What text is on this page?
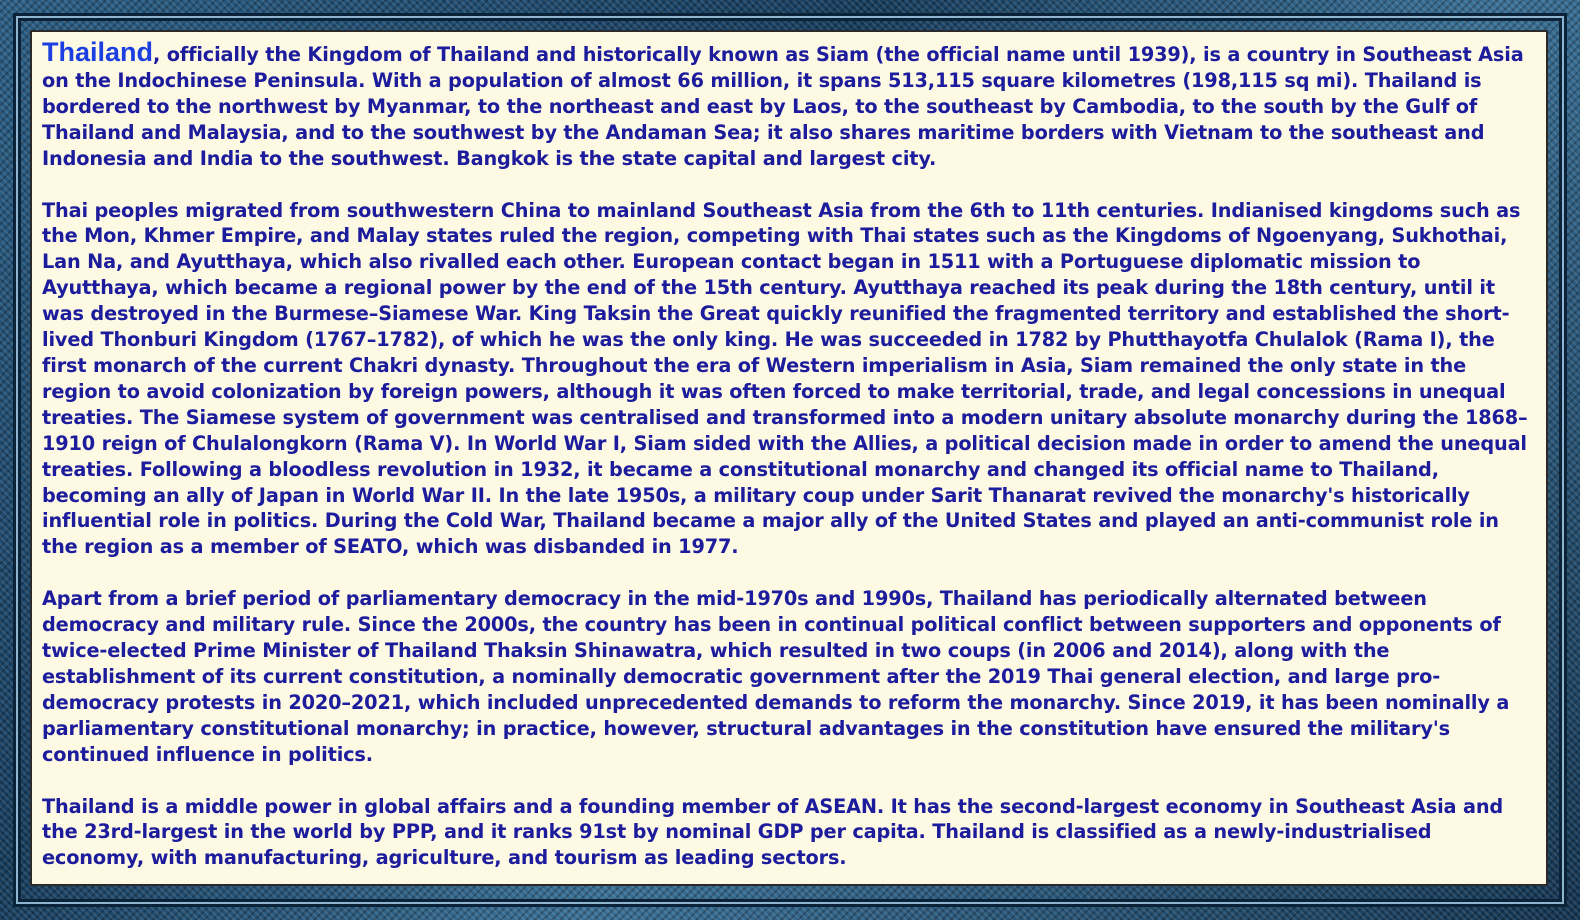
Thailand, officially the Kingdom of Thailand and historically known as Siam (the official name until 1939), is a country in Southeast Asia on the Indochinese Peninsula. With a population of almost 66 million, it spans 513,115 square kilometres (198,115 sq mi). Thailand is bordered to the northwest by Myanmar, to the northeast and east by Laos, to the southeast by Cambodia, to the south by the Gulf of Thailand and Malaysia, and to the southwest by the Andaman Sea; it also shares maritime borders with Vietnam to the southeast and Indonesia and India to the southwest. Bangkok is the state capital and largest city.

Thai peoples migrated from southwestern China to mainland Southeast Asia from the 6th to 11th centuries. Indianised kingdoms such as the Mon, Khmer Empire, and Malay states ruled the region, competing with Thai states such as the Kingdoms of Ngoenyang, Sukhothai, Lan Na, and Ayutthaya, which also rivalled each other. European contact began in 1511 with a Portuguese diplomatic mission to Ayutthaya, which became a regional power by the end of the 15th century. Ayutthaya reached its peak during the 18th century, until it was destroyed in the Burmese–Siamese War. King Taksin the Great quickly reunified the fragmented territory and established the short-lived Thonburi Kingdom (1767–1782), of which he was the only king. He was succeeded in 1782 by Phutthayotfa Chulalok (Rama I), the first monarch of the current Chakri dynasty. Throughout the era of Western imperialism in Asia, Siam remained the only state in the region to avoid colonization by foreign powers, although it was often forced to make territorial, trade, and legal concessions in unequal treaties. The Siamese system of government was centralised and transformed into a modern unitary absolute monarchy during the 1868–1910 reign of Chulalongkorn (Rama V). In World War I, Siam sided with the Allies, a political decision made in order to amend the unequal treaties. Following a bloodless revolution in 1932, it became a constitutional monarchy and changed its official name to Thailand, becoming an ally of Japan in World War II. In the late 1950s, a military coup under Sarit Thanarat revived the monarchy's historically influential role in politics. During the Cold War, Thailand became a major ally of the United States and played an anti-communist role in the region as a member of SEATO, which was disbanded in 1977.

Apart from a brief period of parliamentary democracy in the mid-1970s and 1990s, Thailand has periodically alternated between democracy and military rule. Since the 2000s, the country has been in continual political conflict between supporters and opponents of twice-elected Prime Minister of Thailand Thaksin Shinawatra, which resulted in two coups (in 2006 and 2014), along with the establishment of its current constitution, a nominally democratic government after the 2019 Thai general election, and large pro-democracy protests in 2020–2021, which included unprecedented demands to reform the monarchy. Since 2019, it has been nominally a parliamentary constitutional monarchy; in practice, however, structural advantages in the constitution have ensured the military's continued influence in politics.

Thailand is a middle power in global affairs and a founding member of ASEAN. It has the second-largest economy in Southeast Asia and the 23rd-largest in the world by PPP, and it ranks 91st by nominal GDP per capita. Thailand is classified as a newly-industrialised economy, with manufacturing, agriculture, and tourism as leading sectors.
